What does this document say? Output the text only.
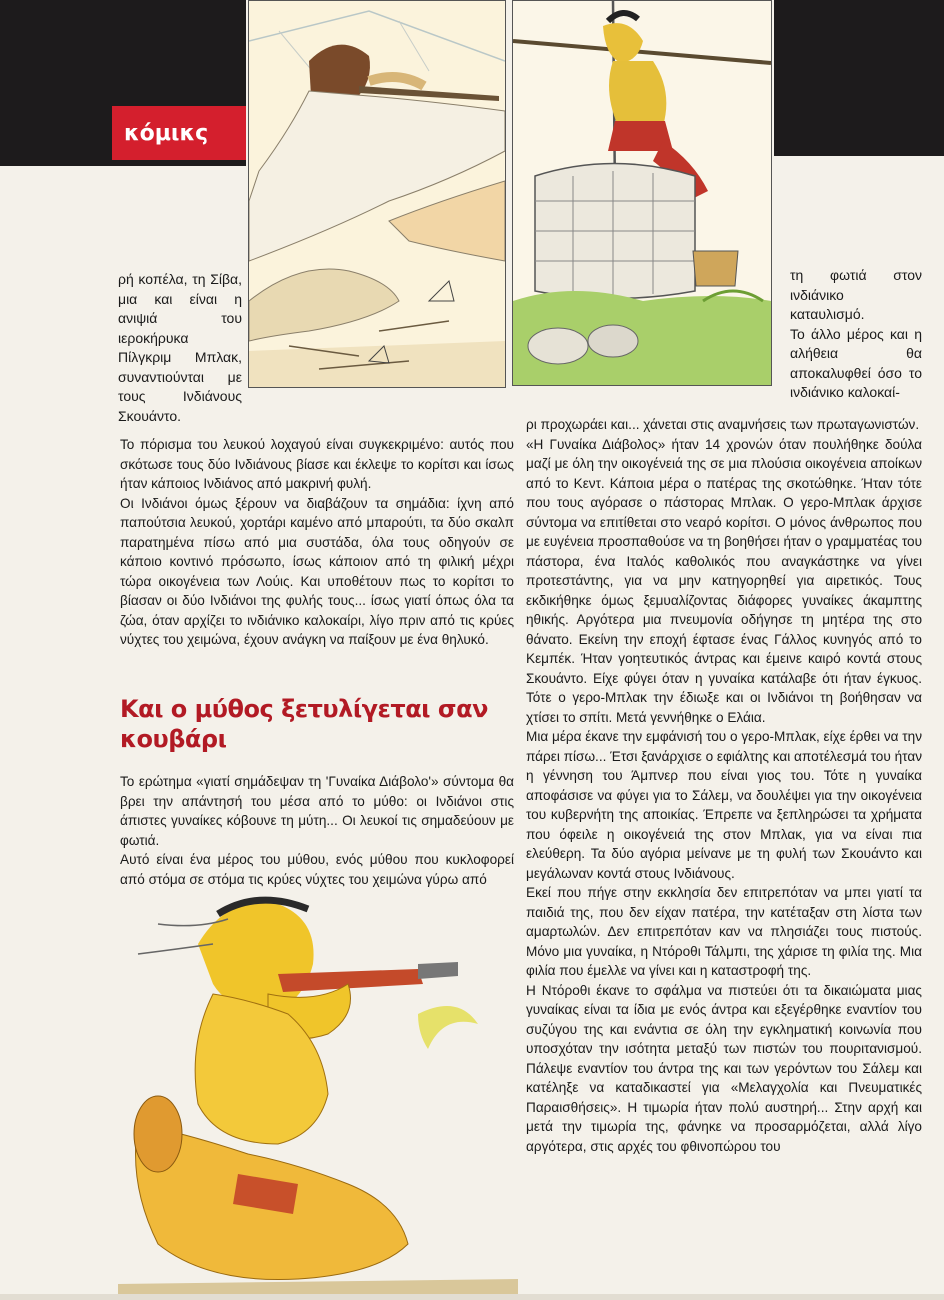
κόμικς

ρή κοπέλα, τη Σίβα, μια και είναι η ανιψιά του ιεροκήρυκα Πίλγκριμ Μπλακ, συναντιούνται με τους Ινδιάνους Σκουάντο.

τη φωτιά στον ινδιάνικο καταυλισμό.

Το άλλο μέρος και η αλήθεια θα αποκαλυφθεί όσο το ινδιάνικο καλοκαί-

Το πόρισμα του λευκού λοχαγού είναι συγκεκριμένο: αυτός που σκότωσε τους δύο Ινδιάνους βίασε και έκλεψε το κορίτσι και ίσως ήταν κάποιος Ινδιάνος από μακρινή φυλή.

Οι Ινδιάνοι όμως ξέρουν να διαβάζουν τα σημάδια: ίχνη από παπούτσια λευκού, χορτάρι καμένο από μπαρούτι, τα δύο σκαλπ παρατημένα πίσω από μια συστάδα, όλα τους οδηγούν σε κάποιο κοντινό πρόσωπο, ίσως κάποιον από τη φιλική μέχρι τώρα οικογένεια των Λούις. Και υποθέτουν πως το κορίτσι το βίασαν οι δύο Ινδιάνοι της φυλής τους... ίσως γιατί όπως όλα τα ζώα, όταν αρχίζει το ινδιάνικο καλοκαίρι, λίγο πριν από τις κρύες νύχτες του χειμώνα, έχουν ανάγκη να παίξουν με ένα θηλυκό.

Και ο μύθος ξετυλίγεται σαν κουβάρι

Το ερώτημα «γιατί σημάδεψαν τη 'Γυναίκα Διάβολο'» σύντομα θα βρει την απάντησή του μέσα από το μύθο: οι Ινδιάνοι στις άπιστες γυναίκες κόβουνε τη μύτη... Οι λευκοί τις σημαδεύουν με φωτιά.

Αυτό είναι ένα μέρος του μύθου, ενός μύθου που κυκλοφορεί από στόμα σε στόμα τις κρύες νύχτες του χειμώνα γύρω από

ρι προχωράει και... χάνεται στις αναμνήσεις των πρωταγωνιστών.

«Η Γυναίκα Διάβολος» ήταν 14 χρονών όταν πουλήθηκε δούλα μαζί με όλη την οικογένειά της σε μια πλούσια οικογένεια αποίκων από το Κεντ. Κάποια μέρα ο πατέρας της σκοτώθηκε. Ήταν τότε που τους αγόρασε ο πάστορας Μπλακ. Ο γερο-Μπλακ άρχισε σύντομα να επιτίθεται στο νεαρό κορίτσι. Ο μόνος άνθρωπος που με ευγένεια προσπαθούσε να τη βοηθήσει ήταν ο γραμματέας του πάστορα, ένα Ιταλός καθολικός που αναγκάστηκε να γίνει προτεστάντης, για να μην κατηγορηθεί για αιρετικός. Τους εκδικήθηκε όμως ξεμυαλίζοντας διάφορες γυναίκες άκαμπτης ηθικής. Αργότερα μια πνευμονία οδήγησε τη μητέρα της στο θάνατο. Εκείνη την εποχή έφτασε ένας Γάλλος κυνηγός από το Κεμπέκ. Ήταν γοητευτικός άντρας και έμεινε καιρό κοντά στους Σκουάντο. Είχε φύγει όταν η γυναίκα κατάλαβε ότι ήταν έγκυος. Τότε ο γερο-Μπλακ την έδιωξε και οι Ινδιάνοι τη βοήθησαν να χτίσει το σπίτι. Μετά γεννήθηκε ο Ελάια.

Μια μέρα έκανε την εμφάνισή του ο γερο-Μπλακ, είχε έρθει να την πάρει πίσω... Έτσι ξανάρχισε ο εφιάλτης και αποτέλεσμά του ήταν η γέννηση του Άμπνερ που είναι γιος του. Τότε η γυναίκα αποφάσισε να φύγει για το Σάλεμ, να δουλέψει για την οικογένεια του κυβερνήτη της αποικίας. Έπρεπε να ξεπληρώσει τα χρήματα που όφειλε η οικογένειά της στον Μπλακ, για να είναι πια ελεύθερη. Τα δύο αγόρια μείνανε με τη φυλή των Σκουάντο και μεγάλωναν κοντά στους Ινδιάνους.

Εκεί που πήγε στην εκκλησία δεν επιτρεπόταν να μπει γιατί τα παιδιά της, που δεν είχαν πατέρα, την κατέταξαν στη λίστα των αμαρτωλών. Δεν επιτρεπόταν καν να πλησιάζει τους πιστούς. Μόνο μια γυναίκα, η Ντόροθι Τάλμπι, της χάρισε τη φιλία της. Μια φιλία που έμελλε να γίνει και η καταστροφή της.

Η Ντόροθι έκανε το σφάλμα να πιστεύει ότι τα δικαιώματα μιας γυναίκας είναι τα ίδια με ενός άντρα και εξεγέρθηκε εναντίον του συζύγου της και ενάντια σε όλη την εγκληματική κοινωνία που υποσχόταν την ισότητα μεταξύ των πιστών του πουριτανισμού. Πάλεψε εναντίον του άντρα της και των γερόντων του Σάλεμ και κατέληξε να καταδικαστεί για «Μελαγχολία και Πνευματικές Παραισθήσεις». Η τιμωρία ήταν πολύ αυστηρή... Στην αρχή και μετά την τιμωρία της, φάνηκε να προσαρμόζεται, αλλά λίγο αργότερα, στις αρχές του φθινοπώρου του
